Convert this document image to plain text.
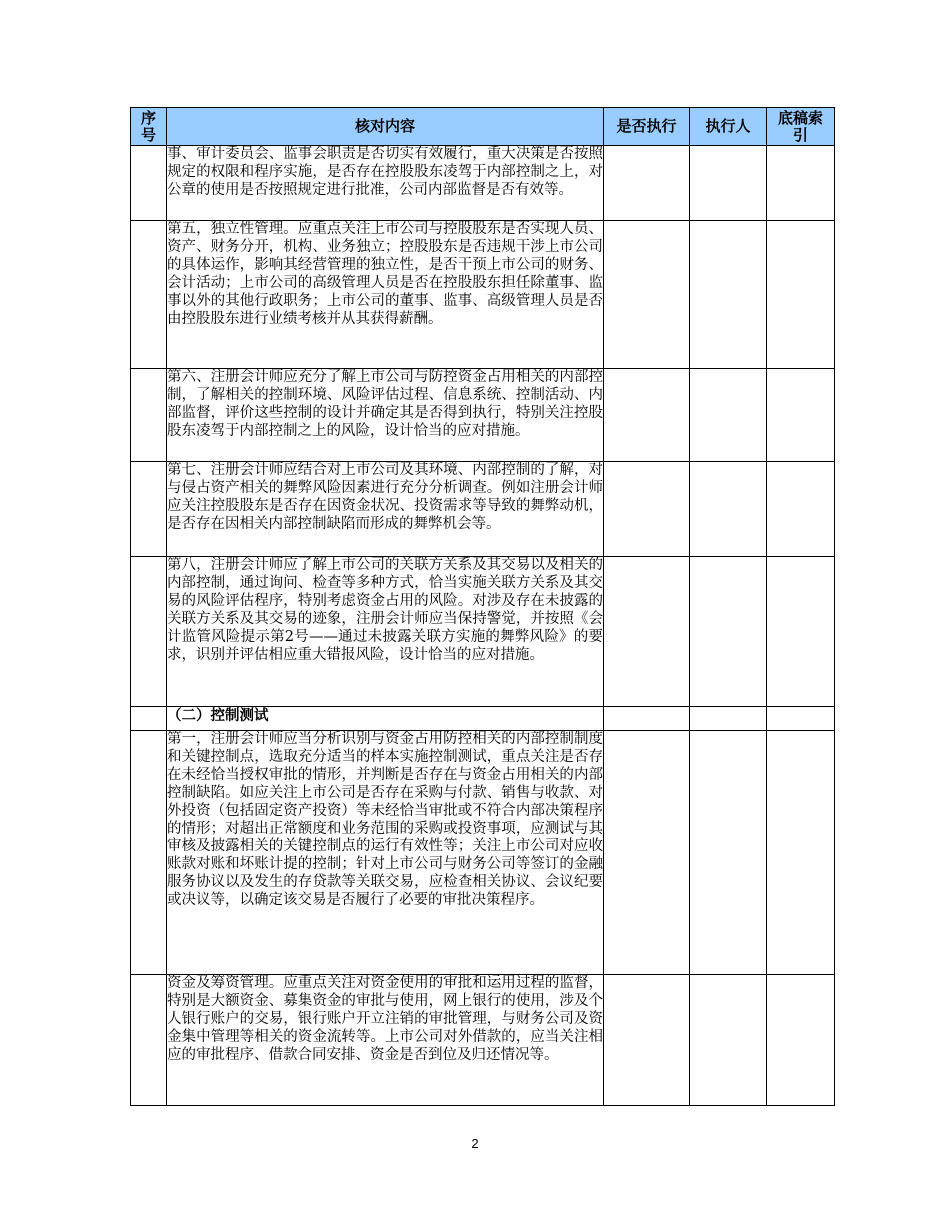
序号	核对内容	是否执行	执行人	底稿索引
	事、审计委员会、监事会职责是否切实有效履行，重大决策是否按照规定的权限和程序实施，是否存在控股股东凌驾于内部控制之上，对公章的使用是否按照规定进行批准，公司内部监督是否有效等。			
	第五，独立性管理。应重点关注上市公司与控股股东是否实现人员、资产、财务分开，机构、业务独立；控股股东是否违规干涉上市公司的具体运作，影响其经营管理的独立性，是否干预上市公司的财务、会计活动；上市公司的高级管理人员是否在控股股东担任除董事、监事以外的其他行政职务；上市公司的董事、监事、高级管理人员是否由控股股东进行业绩考核并从其获得薪酬。			
	第六、注册会计师应充分了解上市公司与防控资金占用相关的内部控制，了解相关的控制环境、风险评估过程、信息系统、控制活动、内部监督，评价这些控制的设计并确定其是否得到执行，特别关注控股股东凌驾于内部控制之上的风险，设计恰当的应对措施。			
	第七、注册会计师应结合对上市公司及其环境、内部控制的了解，对与侵占资产相关的舞弊风险因素进行充分分析调查。例如注册会计师应关注控股股东是否存在因资金状况、投资需求等导致的舞弊动机，是否存在因相关内部控制缺陷而形成的舞弊机会等。			
	第八，注册会计师应了解上市公司的关联方关系及其交易以及相关的内部控制，通过询问、检查等多种方式，恰当实施关联方关系及其交易的风险评估程序，特别考虑资金占用的风险。对涉及存在未披露的关联方关系及其交易的迹象，注册会计师应当保持警觉，并按照《会计监管风险提示第2号——通过未披露关联方实施的舞弊风险》的要求，识别并评估相应重大错报风险，设计恰当的应对措施。			
	（二）控制测试			
	第一，注册会计师应当分析识别与资金占用防控相关的内部控制制度和关键控制点，选取充分适当的样本实施控制测试，重点关注是否存在未经恰当授权审批的情形，并判断是否存在与资金占用相关的内部控制缺陷。如应关注上市公司是否存在采购与付款、销售与收款、对外投资（包括固定资产投资）等未经恰当审批或不符合内部决策程序的情形；对超出正常额度和业务范围的采购或投资事项，应测试与其审核及披露相关的关键控制点的运行有效性等；关注上市公司对应收账款对账和坏账计提的控制；针对上市公司与财务公司等签订的金融服务协议以及发生的存贷款等关联交易，应检查相关协议、会议纪要或决议等，以确定该交易是否履行了必要的审批决策程序。			
	资金及筹资管理。应重点关注对资金使用的审批和运用过程的监督，特别是大额资金、募集资金的审批与使用，网上银行的使用，涉及个人银行账户的交易，银行账户开立注销的审批管理，与财务公司及资金集中管理等相关的资金流转等。上市公司对外借款的，应当关注相应的审批程序、借款合同安排、资金是否到位及归还情况等。			
2
